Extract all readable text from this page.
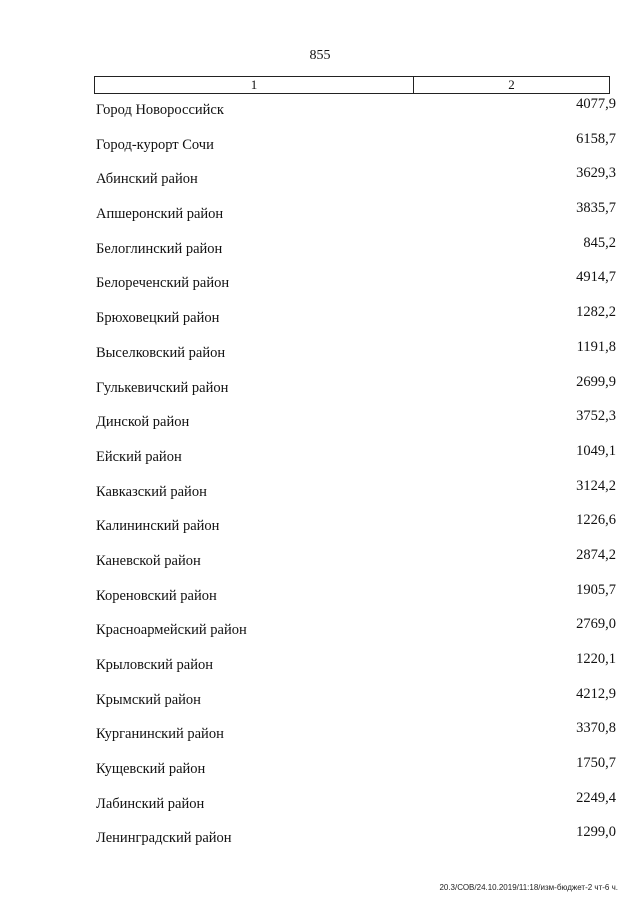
855
1	2
Город Новороссийск	4077,9
Город-курорт Сочи	6158,7
Абинский район	3629,3
Апшеронский район	3835,7
Белоглинский район	845,2
Белореченский район	4914,7
Брюховецкий район	1282,2
Выселковский район	1191,8
Гулькевичский район	2699,9
Динской район	3752,3
Ейский район	1049,1
Кавказский район	3124,2
Калининский район	1226,6
Каневской район	2874,2
Кореновский район	1905,7
Красноармейский район	2769,0
Крыловский район	1220,1
Крымский район	4212,9
Курганинский район	3370,8
Кущевский район	1750,7
Лабинский район	2249,4
Ленинградский район	1299,0
20.3/СОВ/24.10.2019/11:18/изм-бюджет-2 чт-6 ч.
